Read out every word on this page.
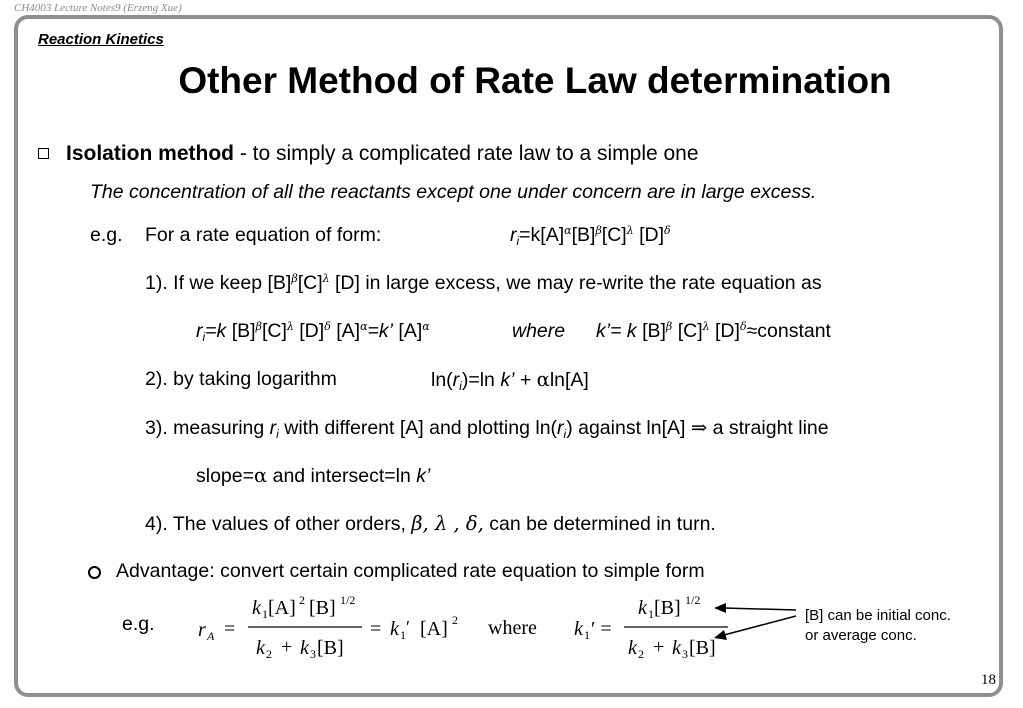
CH4003 Lecture Notes9 (Erzeng Xue)
Reaction Kinetics
Other Method of Rate Law determination
Isolation method - to simply a complicated rate law to a simple one
The concentration of all the reactants except one under concern are in large excess.
e.g. For a rate equation of form:	$r_i=k[A]^\alpha[B]^\beta[C]^\lambda$ $[D]^\delta$
1). If we keep $[B]^\beta[C]^\lambda$ [D] in large excess, we may re-write the rate equation as
$r_i=k$ $[B]^\beta[C]^\lambda$ $[D]^\delta$ $[A]^\alpha=k$’ $[A]^\alpha$	where k’= k $[B]^\beta$ $[C]^\lambda$ $[D]^\delta\approx constant$
2). by taking logarithm	$\ln(r_i)=\ln$ k’ + αln[A]
3). measuring $r_i$ with different [A] and plotting $\ln(r_i)$ against ln[A] ⇒ a straight line
slope=α and intersect=ln k’
4). The values of other orders, β, λ , δ, can be determined in turn.
Advantage: convert certain complicated rate equation to simple form
e.g. r A =
k 1 [A] 2 [B] 1/2
k 2 + k 3 [B]
= k 1 ′ [A] 2 where k 1 ′ =
k 1 [B] 1/2
k 2 + k 3 [B]
[B] can be initial conc.
or average conc.
18
